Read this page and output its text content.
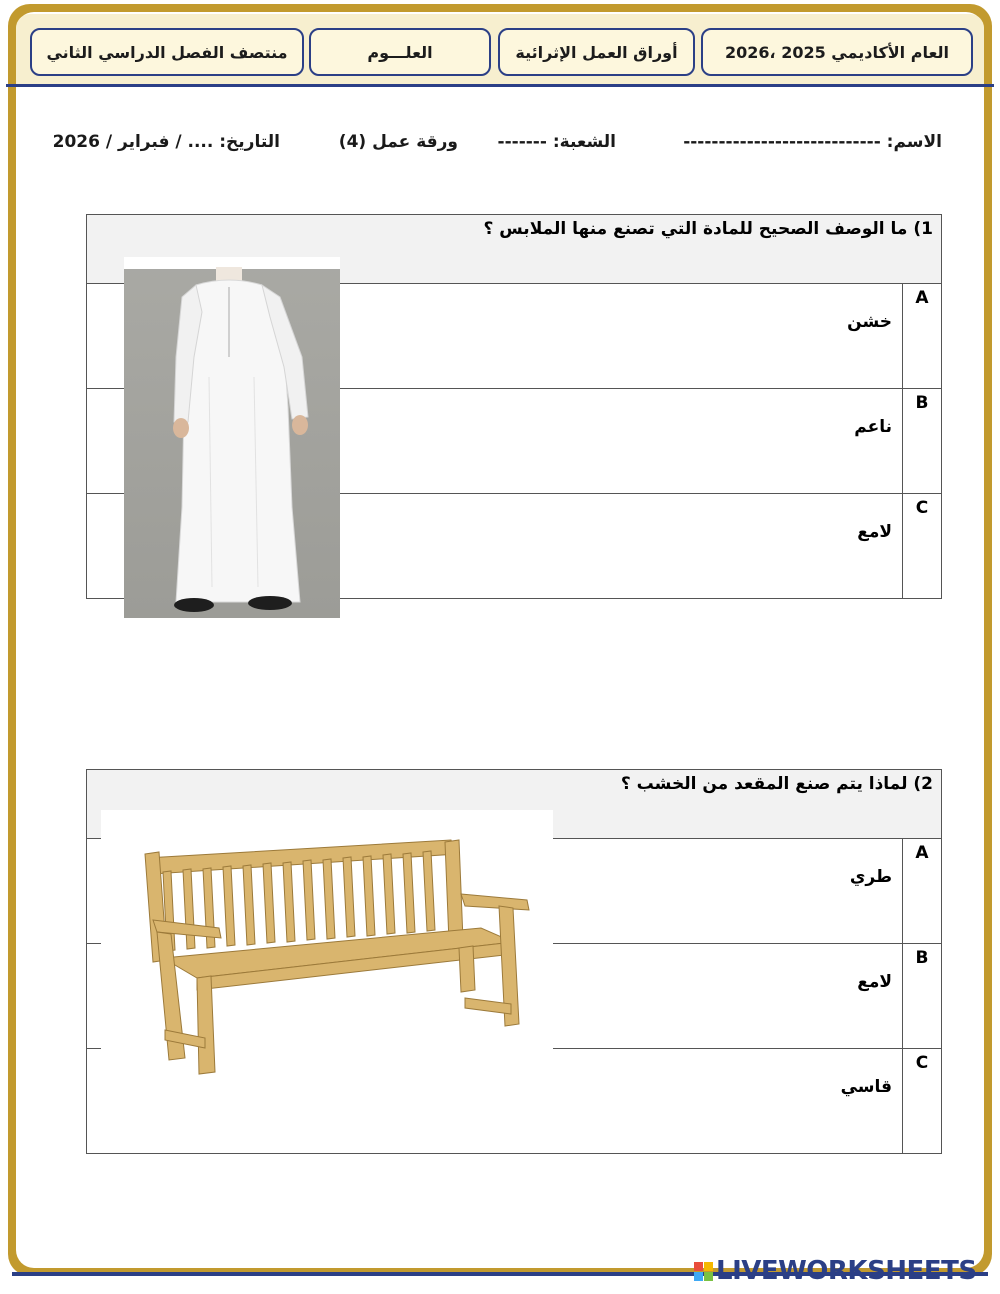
العام الأكاديمي 2025 ،2026
أوراق العمل الإثرائية
العلـــوم
منتصف الفصل الدراسي الثاني
الاسم: ----------------------------
الشعبة: -------
ورقة عمل (4)
التاريخ: .... / فبراير / 2026
1) ما الوصف الصحيح للمادة التي تصنع منها الملابس ؟	

خشن	A

ناعم	B

لامع	C
2) لماذا يتم صنع المقعد من الخشب ؟	

طري	A

لامع	B

قاسي	C
LIVEWORKSHEETS
